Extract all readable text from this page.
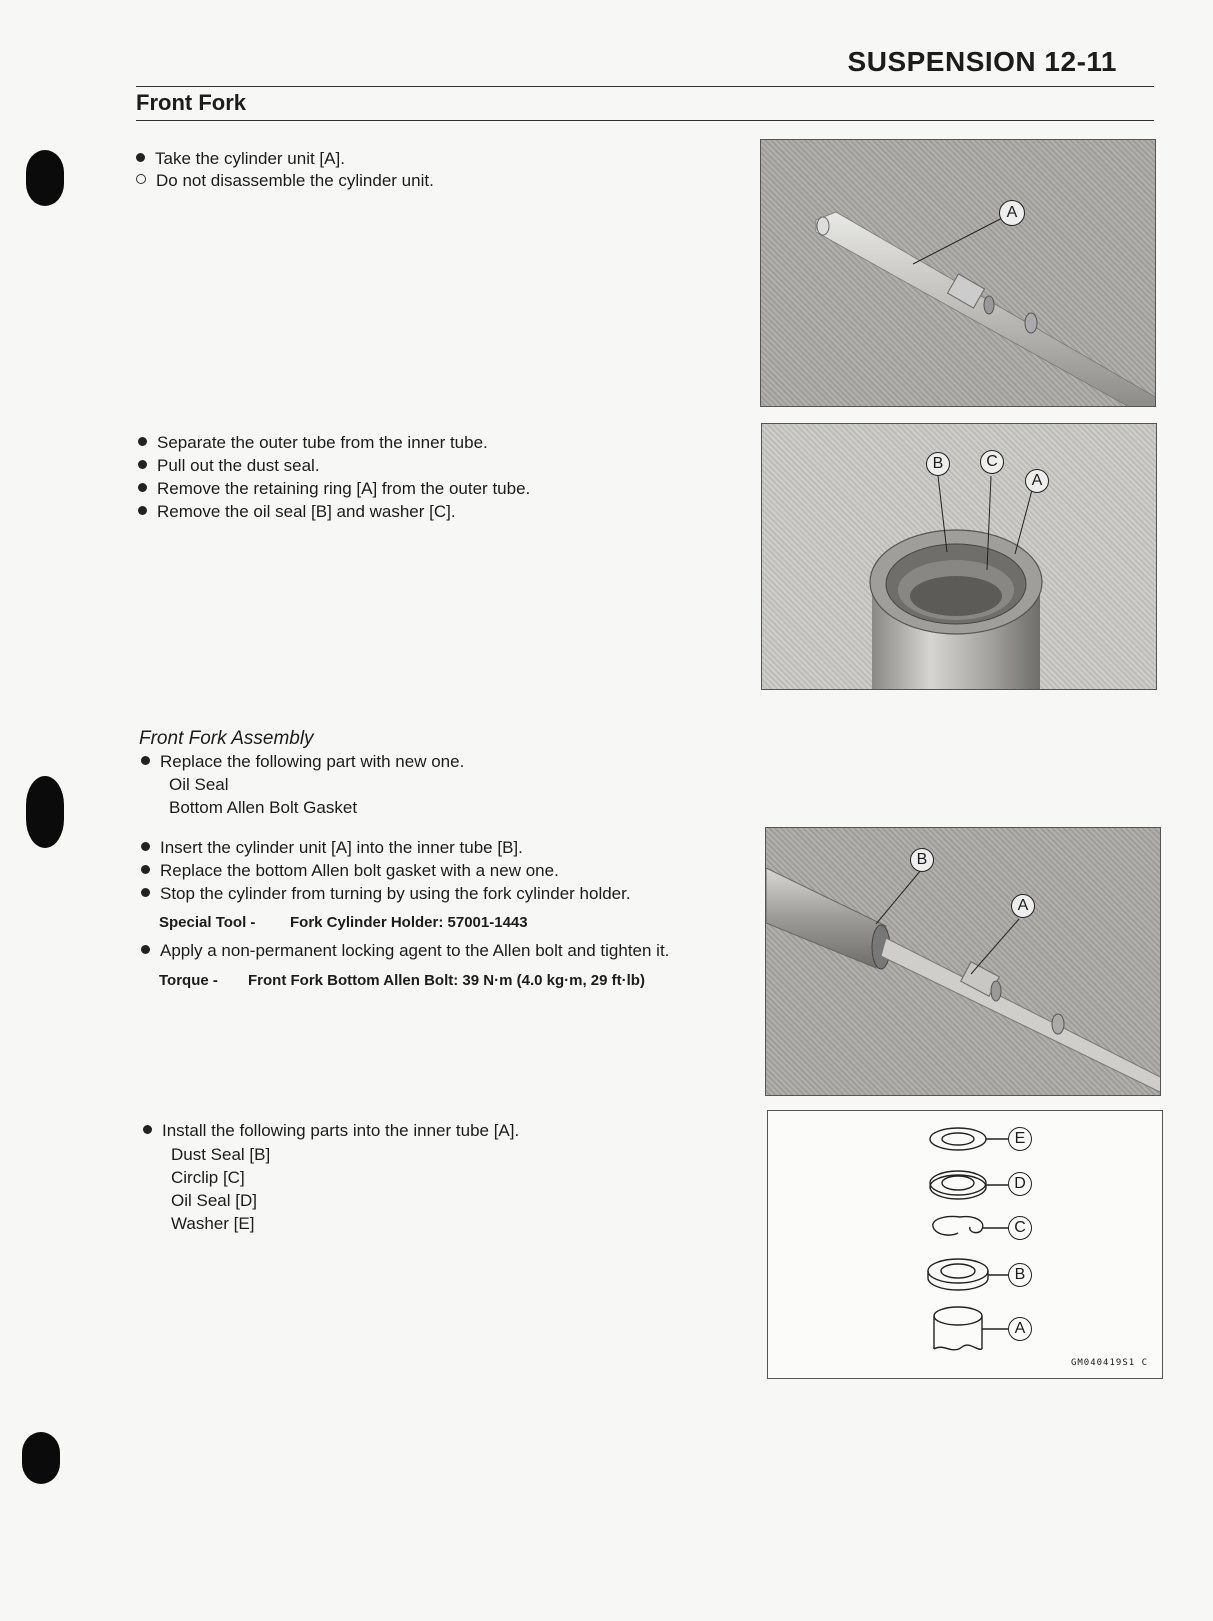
SUSPENSION 12-11
Front Fork
Take the cylinder unit [A].
Do not disassemble the cylinder unit.
Separate the outer tube from the inner tube.
Pull out the dust seal.
Remove the retaining ring [A] from the outer tube.
Remove the oil seal [B] and washer [C].
Front Fork Assembly
Replace the following part with new one.
Oil Seal
Bottom Allen Bolt Gasket
Insert the cylinder unit [A] into the inner tube [B].
Replace the bottom Allen bolt gasket with a new one.
Stop the cylinder from turning by using the fork cylinder holder.
Special Tool - Fork Cylinder Holder: 57001-1443
Apply a non-permanent locking agent to the Allen bolt and tighten it.
Torque - Front Fork Bottom Allen Bolt: 39 N·m (4.0 kg·m, 29 ft·lb)
Install the following parts into the inner tube [A].
Dust Seal [B]
Circlip [C]
Oil Seal [D]
Washer [E]
A
B	C
A
B
A
E
D
C
B
A
GM040419S1 C
